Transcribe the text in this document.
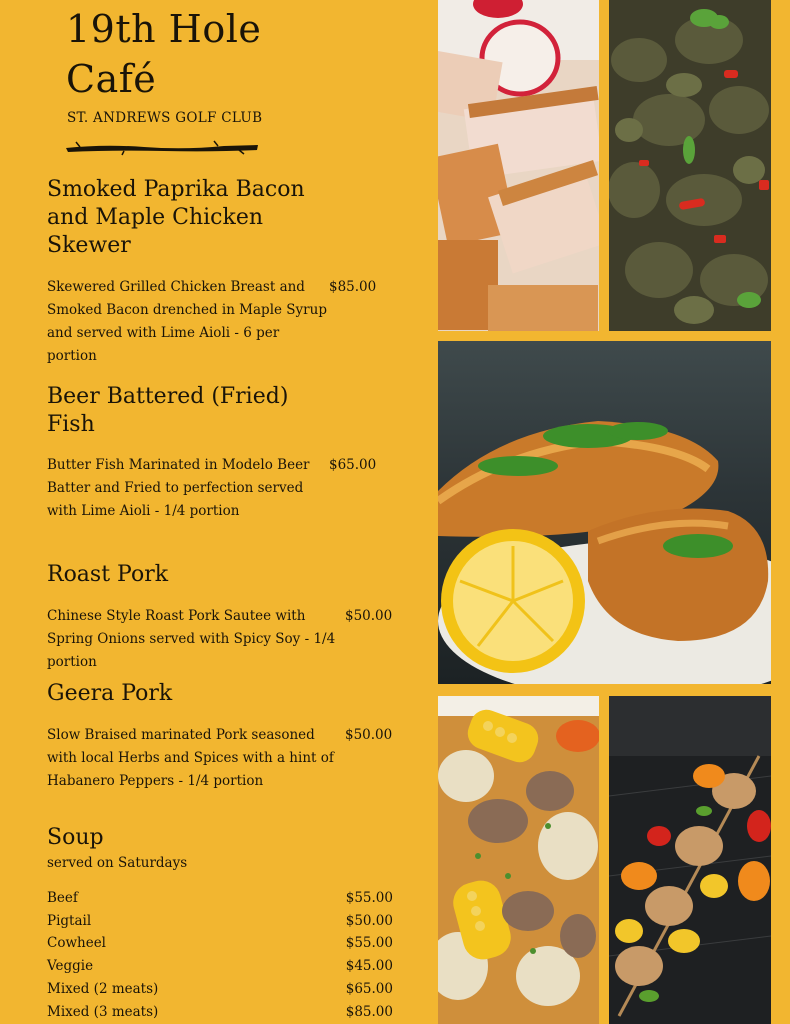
19th Hole
Café

ST. ANDREWS GOLF CLUB

Smoked Paprika Bacon and Maple Chicken Skewer

Skewered Grilled Chicken Breast and Smoked Bacon drenched in Maple Syrup and served with Lime Aioli - 6 per portion

$85.00

Beer Battered (Fried) Fish

Butter Fish Marinated in Modelo Beer Batter and Fried to perfection served with Lime Aioli - 1/4 portion

$65.00

Roast Pork

Chinese Style Roast Pork Sautee with Spring Onions served with Spicy Soy - 1/4 portion

$50.00

Geera Pork

Slow Braised marinated Pork seasoned with local Herbs and Spices with a hint of Habanero Peppers - 1/4 portion

$50.00

Soup

served on Saturdays

Beef	$55.00
Pigtail	$50.00
Cowheel	$55.00
Veggie	$45.00
Mixed (2 meats)	$65.00
Mixed (3 meats)	$85.00
